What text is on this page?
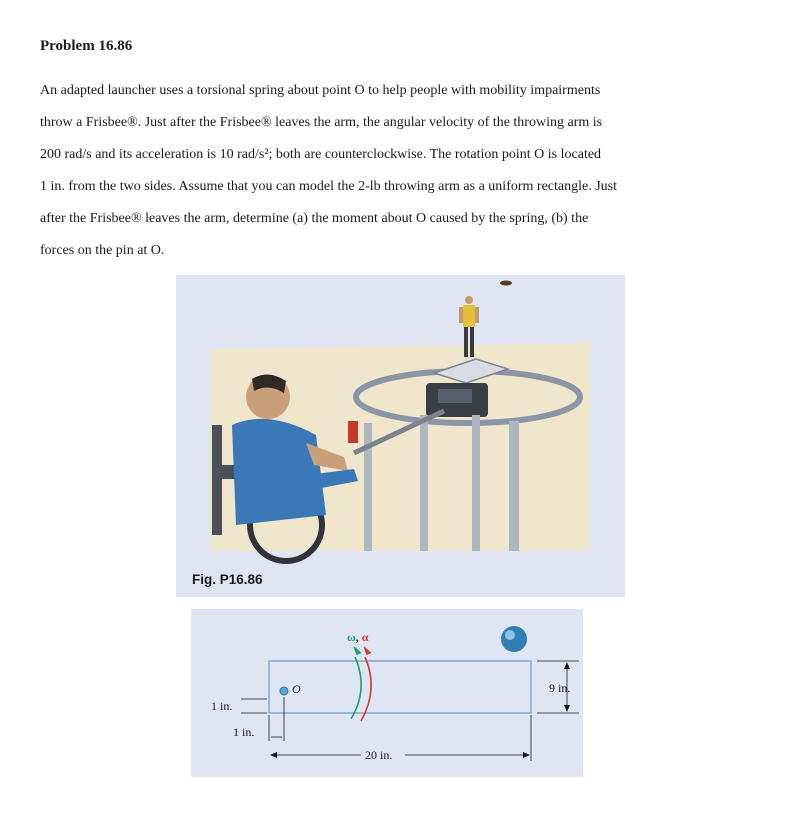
Problem 16.86

An adapted launcher uses a torsional spring about point O to help people with mobility impairments
throw a Frisbee®. Just after the Frisbee® leaves the arm, the angular velocity of the throwing arm is
200 rad/s and its acceleration is 10 rad/s²; both are counterclockwise. The rotation point O is located
1 in. from the two sides. Assume that you can model the 2-lb throwing arm as a uniform rectangle. Just
after the Frisbee® leaves the arm, determine (a) the moment about O caused by the spring, (b) the
forces on the pin at O.

Fig. P16.86
O
ω, α
9 in.
1 in.
1 in.
20 in.
